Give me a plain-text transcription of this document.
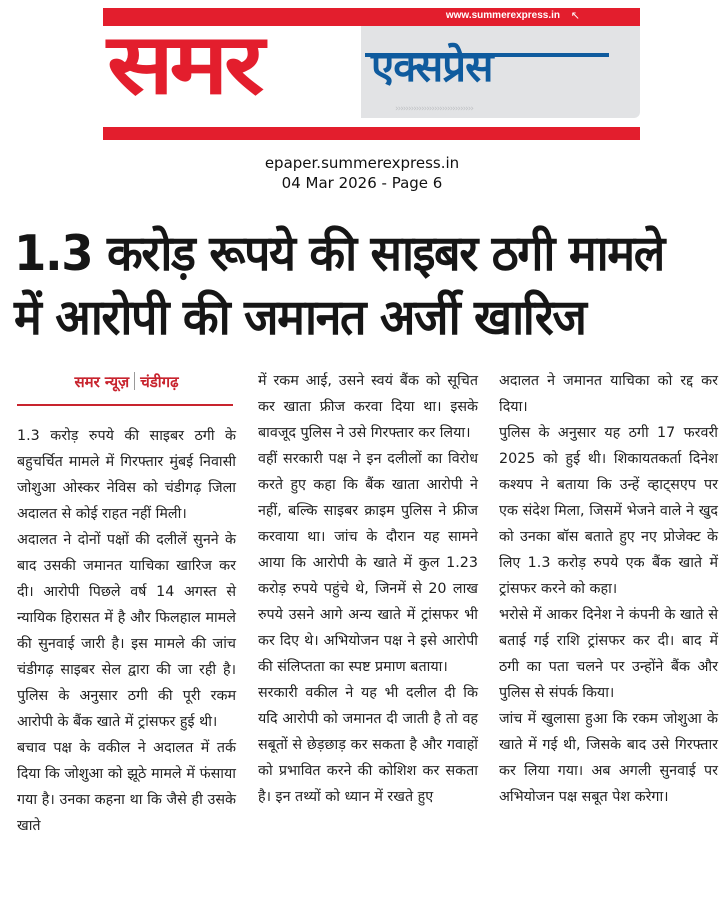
www.summerexpress.in ↖
समर	एक्सप्रेस
››››››››››››››››››››››››››››››
epaper.summerexpress.in
04 Mar 2026 - Page 6
1.3 करोड़ रूपये की साइबर ठगी मामले
में आरोपी की जमानत अर्जी खारिज
समर न्यूज़ चंडीगढ़

1.3 करोड़ रुपये की साइबर ठगी के बहुचर्चित मामले में गिरफ्तार मुंबई निवासी जोशुआ ओस्कर नेविस को चंडीगढ़ जिला अदालत से कोई राहत नहीं मिली।

अदालत ने दोनों पक्षों की दलीलें सुनने के बाद उसकी जमानत याचिका खारिज कर दी। आरोपी पिछले वर्ष 14 अगस्त से न्यायिक हिरासत में है और फिलहाल मामले की सुनवाई जारी है। इस मामले की जांच चंडीगढ़ साइबर सेल द्वारा की जा रही है। पुलिस के अनुसार ठगी की पूरी रकम आरोपी के बैंक खाते में ट्रांसफर हुई थी।

बचाव पक्ष के वकील ने अदालत में तर्क दिया कि जोशुआ को झूठे मामले में फंसाया गया है। उनका कहना था कि जैसे ही उसके खाते

में रकम आई, उसने स्वयं बैंक को सूचित कर खाता फ्रीज करवा दिया था। इसके बावजूद पुलिस ने उसे गिरफ्तार कर लिया।

वहीं सरकारी पक्ष ने इन दलीलों का विरोध करते हुए कहा कि बैंक खाता आरोपी ने नहीं, बल्कि साइबर क्राइम पुलिस ने फ्रीज करवाया था। जांच के दौरान यह सामने आया कि आरोपी के खाते में कुल 1.23 करोड़ रुपये पहुंचे थे, जिनमें से 20 लाख रुपये उसने आगे अन्य खाते में ट्रांसफर भी कर दिए थे। अभियोजन पक्ष ने इसे आरोपी की संलिप्तता का स्पष्ट प्रमाण बताया।

सरकारी वकील ने यह भी दलील दी कि यदि आरोपी को जमानत दी जाती है तो वह सबूतों से छेड़छाड़ कर सकता है और गवाहों को प्रभावित करने की कोशिश कर सकता है। इन तथ्यों को ध्यान में रखते हुए

अदालत ने जमानत याचिका को रद्द कर दिया।

पुलिस के अनुसार यह ठगी 17 फरवरी 2025 को हुई थी। शिकायतकर्ता दिनेश कश्यप ने बताया कि उन्हें व्हाट्सएप पर एक संदेश मिला, जिसमें भेजने वाले ने खुद को उनका बॉस बताते हुए नए प्रोजेक्ट के लिए 1.3 करोड़ रुपये एक बैंक खाते में ट्रांसफर करने को कहा।

भरोसे में आकर दिनेश ने कंपनी के खाते से बताई गई राशि ट्रांसफर कर दी। बाद में ठगी का पता चलने पर उन्होंने बैंक और पुलिस से संपर्क किया।

जांच में खुलासा हुआ कि रकम जोशुआ के खाते में गई थी, जिसके बाद उसे गिरफ्तार कर लिया गया। अब अगली सुनवाई पर अभियोजन पक्ष सबूत पेश करेगा।
